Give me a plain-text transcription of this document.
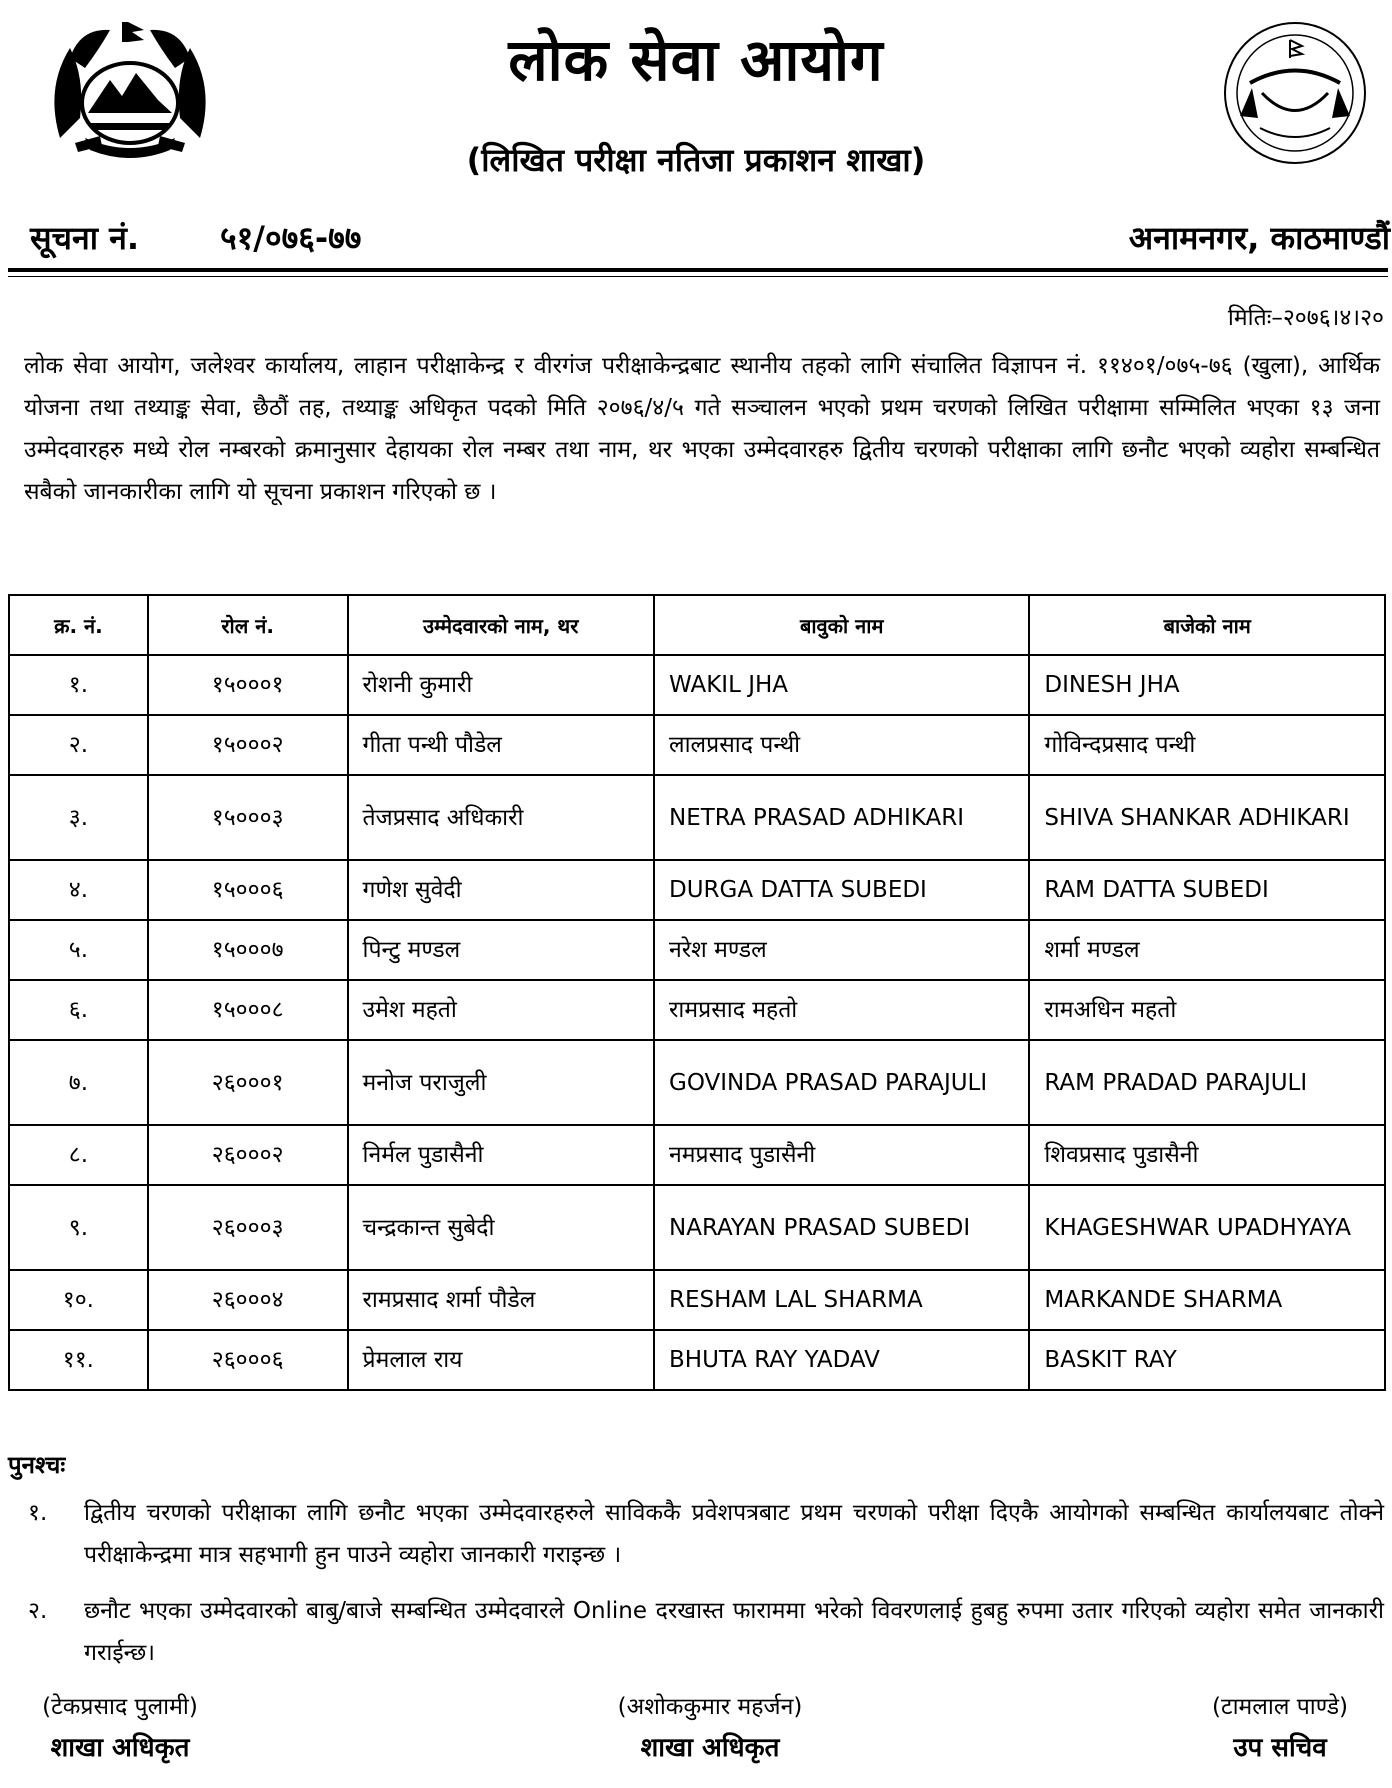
लोक सेवा आयोग
(लिखित परीक्षा नतिजा प्रकाशन शाखा)
सूचना नं.	५१/०७६-७७	अनामनगर, काठमाण्डौं
मितिः–२०७६।४।२०
लोक सेवा आयोग, जलेश्वर कार्यालय, लाहान परीक्षाकेन्द्र र वीरगंज परीक्षाकेन्द्रबाट स्थानीय तहको लागि संचालित विज्ञापन नं. ११४०१/०७५-७६ (खुला), आर्थिक योजना तथा तथ्याङ्क सेवा, छैठौं तह, तथ्याङ्क अधिकृत पदको मिति २०७६/४/५ गते सञ्चालन भएको प्रथम चरणको लिखित परीक्षामा सम्मिलित भएका १३ जना उम्मेदवारहरु मध्ये रोल नम्बरको क्रमानुसार देहायका रोल नम्बर तथा नाम, थर भएका उम्मेदवारहरु द्वितीय चरणको परीक्षाका लागि छनौट भएको व्यहोरा सम्बन्धित सबैको जानकारीका लागि यो सूचना प्रकाशन गरिएको छ ।
क्र. नं.	रोल नं.	उम्मेदवारको नाम, थर	बावुको नाम	बाजेको नाम
१.	१५०००१	रोशनी कुमारी	WAKIL JHA	DINESH JHA
२.	१५०००२	गीता पन्थी पौडेल	लालप्रसाद पन्थी	गोविन्दप्रसाद पन्थी
३.	१५०००३	तेजप्रसाद अधिकारी	NETRA PRASAD ADHIKARI	SHIVA SHANKAR ADHIKARI
४.	१५०००६	गणेश सुवेदी	DURGA DATTA SUBEDI	RAM DATTA SUBEDI
५.	१५०००७	पिन्टु मण्डल	नरेश मण्डल	शर्मा मण्डल
६.	१५०००८	उमेश महतो	रामप्रसाद महतो	रामअधिन महतो
७.	२६०००१	मनोज पराजुली	GOVINDA PRASAD PARAJULI	RAM PRADAD PARAJULI
८.	२६०००२	निर्मल पुडासैनी	नमप्रसाद पुडासैनी	शिवप्रसाद पुडासैनी
९.	२६०००३	चन्द्रकान्त सुबेदी	NARAYAN PRASAD SUBEDI	KHAGESHWAR UPADHYAYA
१०.	२६०००४	रामप्रसाद शर्मा पौडेल	RESHAM LAL SHARMA	MARKANDE SHARMA
११.	२६०००६	प्रेमलाल राय	BHUTA RAY YADAV	BASKIT RAY
पुनश्चः
१.	द्वितीय चरणको परीक्षाका लागि छनौट भएका उम्मेदवारहरुले साविककै प्रवेशपत्रबाट प्रथम चरणको परीक्षा दिएकै आयोगको सम्बन्धित कार्यालयबाट तोक्ने परीक्षाकेन्द्रमा मात्र सहभागी हुन पाउने व्यहोरा जानकारी गराइन्छ ।
२.	छनौट भएका उम्मेदवारको बाबु/बाजे सम्बन्धित उम्मेदवारले Online दरखास्त फाराममा भरेको विवरणलाई हुबहु रुपमा उतार गरिएको व्यहोरा समेत जानकारी गराईन्छ।
(टेकप्रसाद पुलामी)
शाखा अधिकृत
(अशोककुमार महर्जन)
शाखा अधिकृत
(टामलाल पाण्डे)
उप सचिव
